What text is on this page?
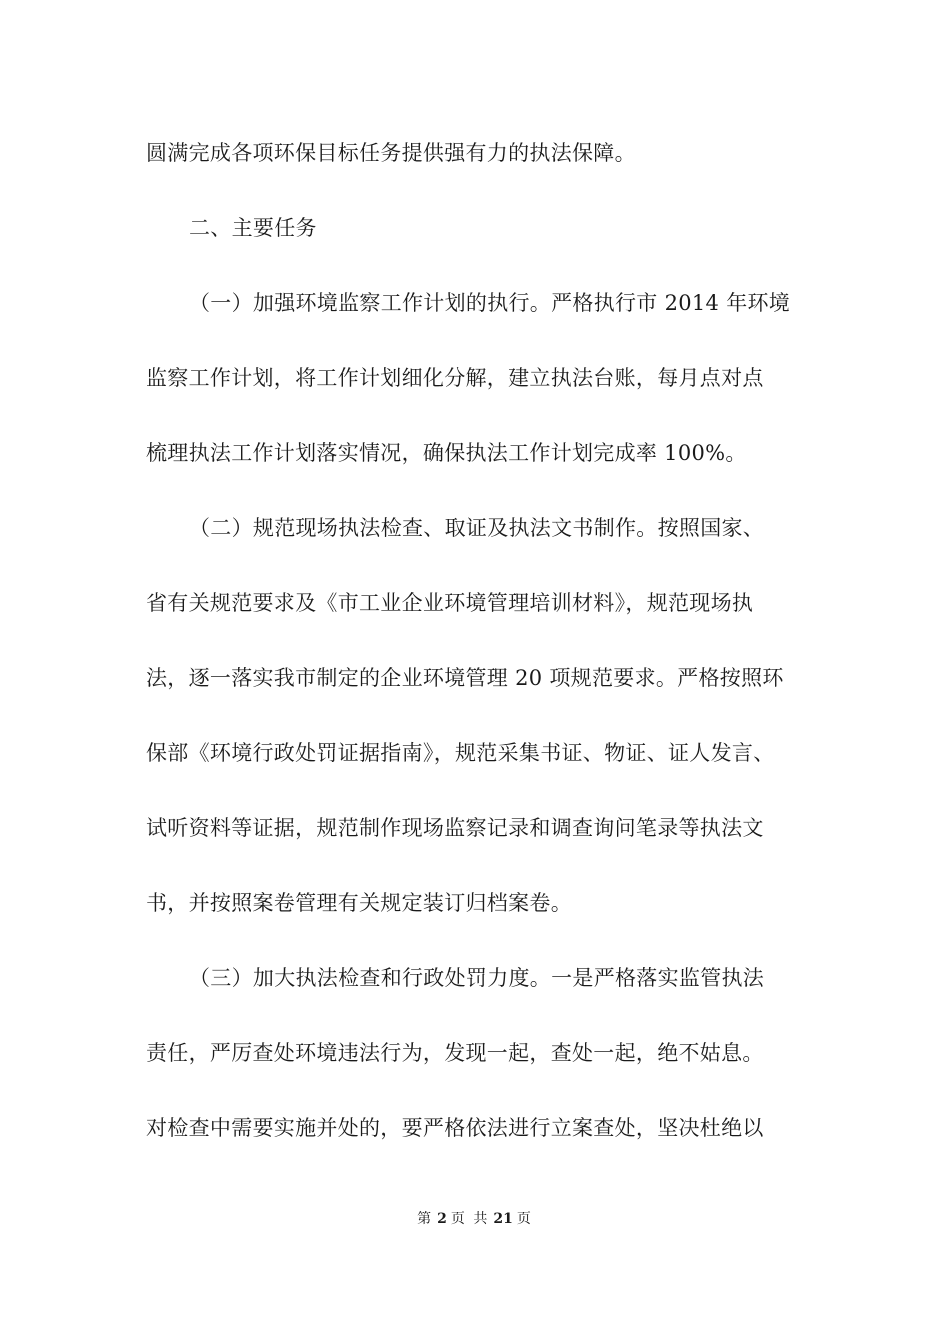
圆满完成各项环保目标任务提供强有力的执法保障。
二、主要任务
（一）加强环境监察工作计划的执行。严格执行市 2014 年环境
监察工作计划，将工作计划细化分解，建立执法台账，每月点对点
梳理执法工作计划落实情况，确保执法工作计划完成率 100%。
（二）规范现场执法检查、取证及执法文书制作。按照国家、
省有关规范要求及《市工业企业环境管理培训材料》，规范现场执
法，逐一落实我市制定的企业环境管理 20 项规范要求。严格按照环
保部《环境行政处罚证据指南》，规范采集书证、物证、证人发言、
试听资料等证据，规范制作现场监察记录和调查询问笔录等执法文
书，并按照案卷管理有关规定装订归档案卷。
（三）加大执法检查和行政处罚力度。一是严格落实监管执法
责任，严厉查处环境违法行为，发现一起，查处一起，绝不姑息。
对检查中需要实施并处的，要严格依法进行立案查处，坚决杜绝以
第 2 页 共 21 页
